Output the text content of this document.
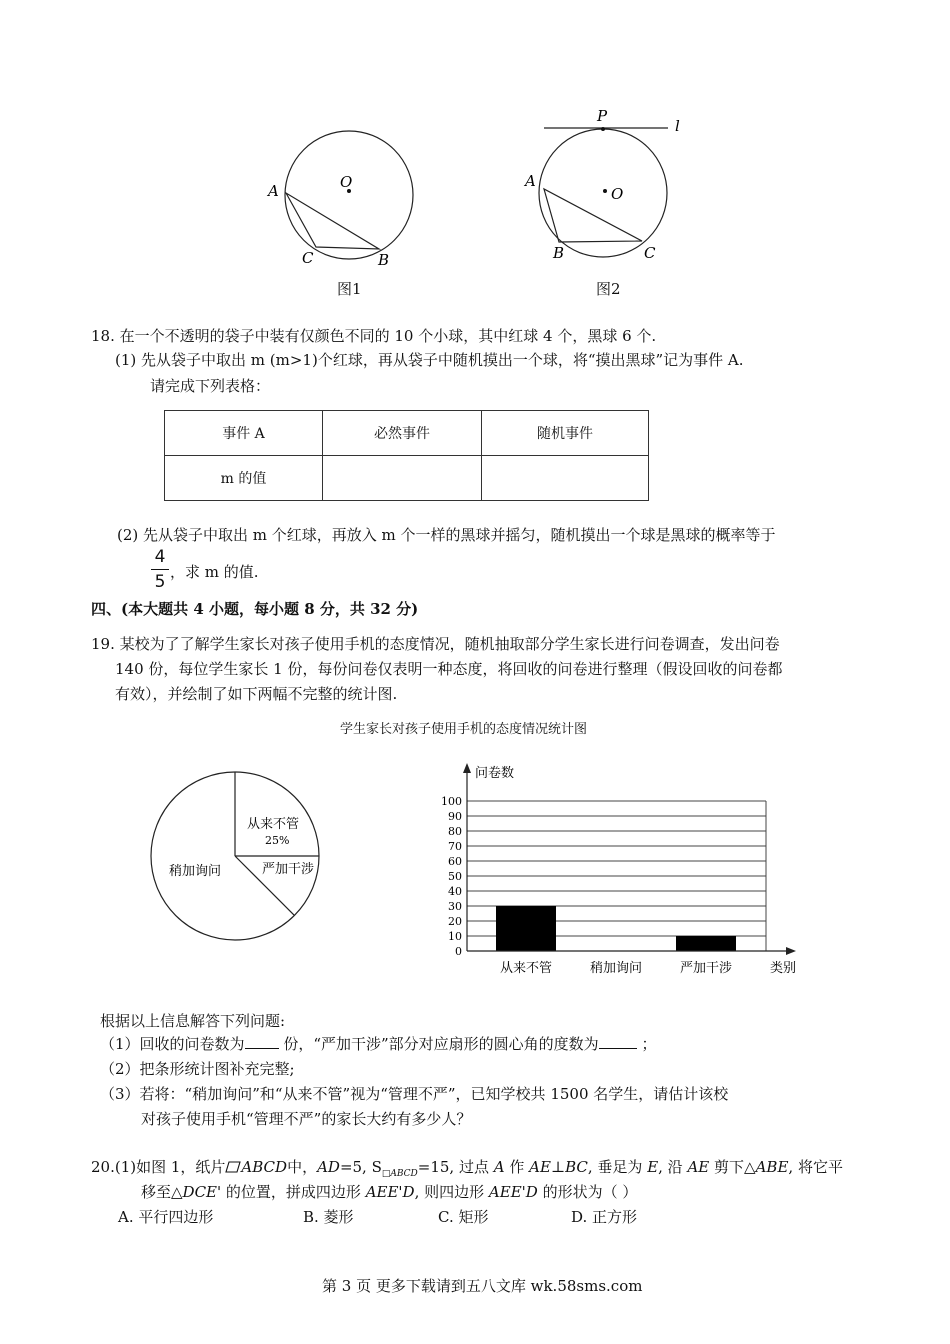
O
A
C	B
图1
P
l
A
O
B	C
图2
18. 在一个不透明的袋子中装有仅颜色不同的 10 个小球，其中红球 4 个，黑球 6 个.
(1) 先从袋子中取出 m (m>1)个红球，再从袋子中随机摸出一个球，将“摸出黑球”记为事件 A.
请完成下列表格：
事件 A	必然事件	随机事件
m 的值		
(2) 先从袋子中取出 m 个红球，再放入 m 个一样的黑球并摇匀，随机摸出一个球是黑球的概率等于
4
5 ，求 m 的值.
四、(本大题共 4 小题，每小题 8 分，共 32 分)
19. 某校为了了解学生家长对孩子使用手机的态度情况，随机抽取部分学生家长进行问卷调查，发出问卷
140 份，每位学生家长 1 份，每份问卷仅表明一种态度，将回收的问卷进行整理（假设回收的问卷都
有效），并绘制了如下两幅不完整的统计图.
学生家长对孩子使用手机的态度情况统计图
从来不管
25%
稍加询问	严加干涉
0
10
20
30
40
50
60
70
80
90
100
从来不管	稍加询问	严加干涉
问卷数
类别
根据以上信息解答下列问题:
（1）回收的问卷数为	份，“严加干涉”部分对应扇形的圆心角的度数为	；
（2）把条形统计图补充完整;
（3）若将：“稍加询问”和“从来不管”视为“管理不严”，已知学校共 1500 名学生，请估计该校
对孩子使用手机“管理不严”的家长大约有多少人？
20.(1)如图 1，纸片 ABCD中，AD=5, $S_{□ABCD}=15$, 过点 A 作 AE⊥BC, 垂足为 E, 沿 AE 剪下△ABE, 将它平
移至△DCE' 的位置，拼成四边形 AEE'D, 则四边形 AEE'D 的形状为（ ）
A. 平行四边形	B. 菱形	C. 矩形	D. 正方形
第 3 页 更多下载请到五八文库 wk.58sms.com
